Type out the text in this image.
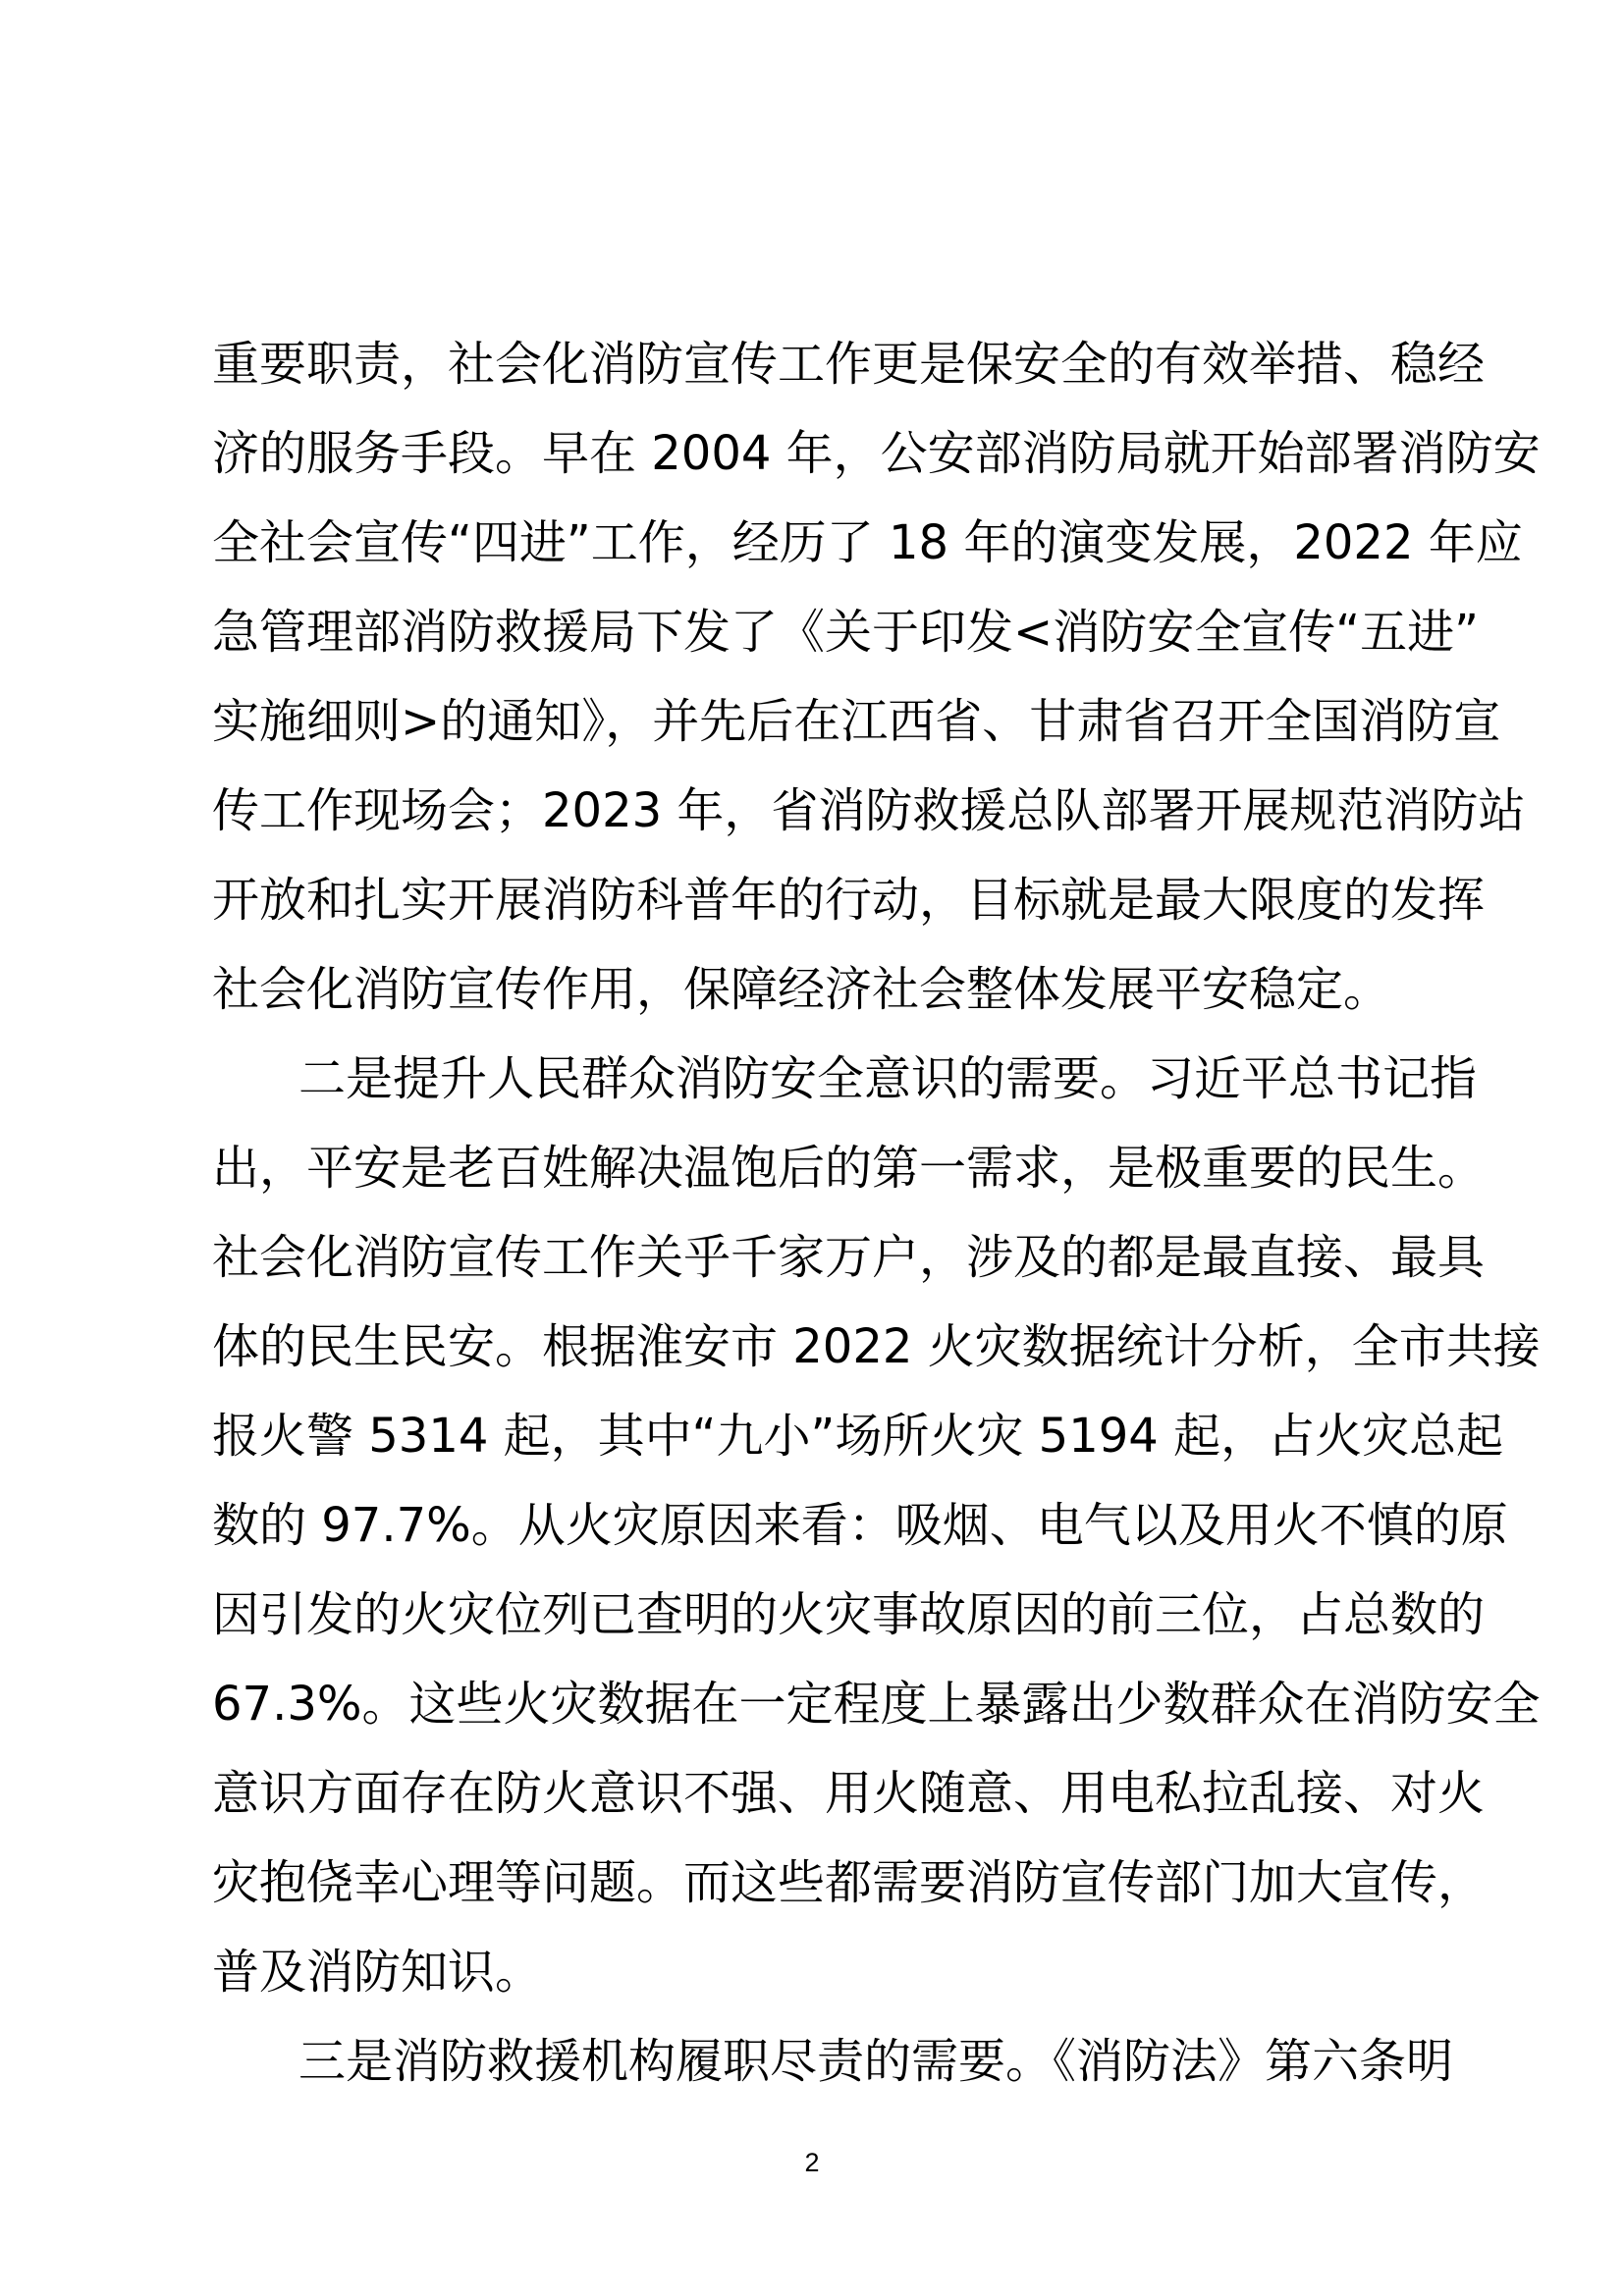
重要职责，社会化消防宣传工作更是保安全的有效举措、稳经
济的服务手段。早在 2004 年，公安部消防局就开始部署消防安
全社会宣传“四进”工作，经历了 18 年的演变发展，2022 年应
急管理部消防救援局下发了《关于印发<消防安全宣传“五进”
实施细则>的通知》，并先后在江西省、甘肃省召开全国消防宣
传工作现场会；2023 年，省消防救援总队部署开展规范消防站
开放和扎实开展消防科普年的行动，目标就是最大限度的发挥
社会化消防宣传作用，保障经济社会整体发展平安稳定。
二是提升人民群众消防安全意识的需要。习近平总书记指
出，平安是老百姓解决温饱后的第一需求，是极重要的民生。
社会化消防宣传工作关乎千家万户，涉及的都是最直接、最具
体的民生民安。根据淮安市 2022 火灾数据统计分析，全市共接
报火警 5314 起，其中“九小”场所火灾 5194 起，占火灾总起
数的 97.7%。从火灾原因来看：吸烟、电气以及用火不慎的原
因引发的火灾位列已查明的火灾事故原因的前三位，占总数的
67.3%。这些火灾数据在一定程度上暴露出少数群众在消防安全
意识方面存在防火意识不强、用火随意、用电私拉乱接、对火
灾抱侥幸心理等问题。而这些都需要消防宣传部门加大宣传，
普及消防知识。
三是消防救援机构履职尽责的需要。《消防法》第六条明
2
